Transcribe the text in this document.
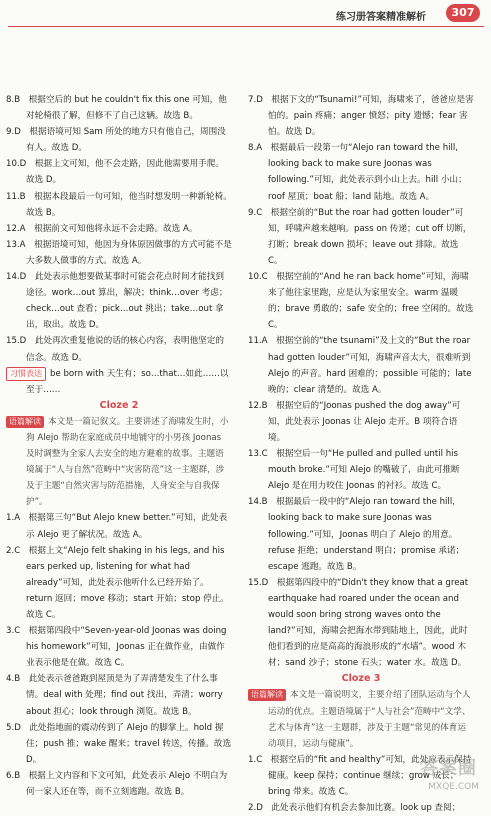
练习册答案精准解析	307

8.B　根据空后的 but he couldn't fix this one 可知，他对轮椅很了解，但修不了自己这辆。故选 B。

9.D　根据语境可知 Sam 所处的地方只有他自己，周围没有人。故选 D。

10.D　根据上文可知，他不会走路，因此他需要用手爬。故选 D。

11.B　根据本段最后一句可知，他当时想发明一种新轮椅。故选 B。

12.A　根据前文可知他将永远不会走路。故选 A。

13.A　根据语境可知，他因为身体原因做事的方式可能不是大多数人做事的方式。故选 A。

14.D　此处表示他想要做某事时可能会花点时间才能找到途径。work…out 算出，解决；think…over 考虑；check…out 查看；pick…out 挑出；take…out 拿出，取出。故选 D。

15.D　此处再次重复他说的话的核心内容，表明他坚定的信念。故选 D。

习惯表达 be born with 天生有；so…that…如此……以至于……

Cloze 2

语篇解读 本文是一篇记叙文。主要讲述了海啸发生时，小狗 Alejo 帮助在家庭成员中地铺守的小男孩 Joonas 及时调整为全家人去安全的地方避难的故事。主题语境属于“人与自然”范畴中“灾害防范”这一主题群，涉及于主题“自然灾害与防范措施，人身安全与自我保护”。

1.A　根据第三句“But Alejo knew better.”可知，此处表示 Alejo 更了解状况。故选 A。

2.C　根据上文“Alejo felt shaking in his legs, and his ears perked up, listening for what had already”可知，此处表示他听什么已经开始了。return 返回；move 移动；start 开始；stop 停止。故选 C。

3.C　根据第四段中“Seven-year-old Joonas was doing his homework”可知，Joonas 正在做作业，由做作业表示他是在做。故选 C。

4.B　此处表示爸爸跑到屋顶是为了弄清楚发生了什么事情。deal with 处理；find out 找出，弄清；worry about 担心；look through 浏览。故选 B。

5.D　此处指地面的震动传到了 Alejo 的脚掌上。hold 握住；push 推；wake 醒来；travel 转送，传播。故选 D。

6.B　根据上文内容和下文可知，此处表示 Alejo 不明白为何一家人还在等，而不立刻逃跑。故选 B。

7.D　根据下文的“Tsunami!”可知，海啸来了，爸爸应是害怕的。pain 疼痛；anger 愤怒；pity 遗憾；fear 害怕。故选 D。

8.A　根据最后一段第一句“Alejo ran toward the hill, looking back to make sure Joonas was following.”可知，此处表示到小山上去。hill 小山；roof 屋顶；boat 船；land 陆地。故选 A。

9.C　根据空前的“But the roar had gotten louder”可知，呼啸声越来越响。pass on 传递；cut off 切断，打断；break down 损坏；leave out 排除。故选 C。

10.C　根据空前的“And he ran back home”可知，海啸来了他往家里跑，应是认为家里安全。warm 温暖的；brave 勇敢的；safe 安全的；free 空闲的。故选 C。

11.A　根据空前的“the tsunami”及上文的“But the roar had gotten louder”可知，海啸声音太大，很难听到 Alejo 的声音。hard 困难的；possible 可能的；late 晚的；clear 清楚的。故选 A。

12.B　根据空后的“Joonas pushed the dog away”可知，此处表示 Joonas 让 Alejo 走开。B 项符合语境。

13.C　根据空后一句“He pulled and pulled until his mouth broke.”可知 Alejo 的嘴破了，由此可推断 Alejo 是在用力咬住 Joonas 的衬衫。故选 C。

14.B　根据最后一段中的“Alejo ran toward the hill, looking back to make sure Joonas was following.”可知，Joonas 明白了 Alejo 的用意。refuse 拒绝；understand 明白；promise 承诺；escape 逃跑。故选 B。

15.D　根据第四段中的“Didn't they know that a great earthquake had roared under the ocean and would soon bring strong waves onto the land?”可知，海啸会把海水带到陆地上，因此，此时他们看到的应是高高的海浪形成的“水墙”。wood 木材；sand 沙子；stone 石头；water 水。故选 D。

Cloze 3

语篇解读 本文是一篇说明文，主要介绍了团队运动与个人运动的优点。主题语境属于“人与社会”范畴中“文学、艺术与体育”这一主题群，涉及于主题“常见的体育运动项目，运动与健康”。

1.C　根据空后的“fit and healthy”可知，此处应表示保持健康。keep 保持；continue 继续；grow 成长；bring 带来。故选 C。

2.D　此处表示他们有机会去参加比赛。look up 查阅；

答案圈
MXQE.COM
